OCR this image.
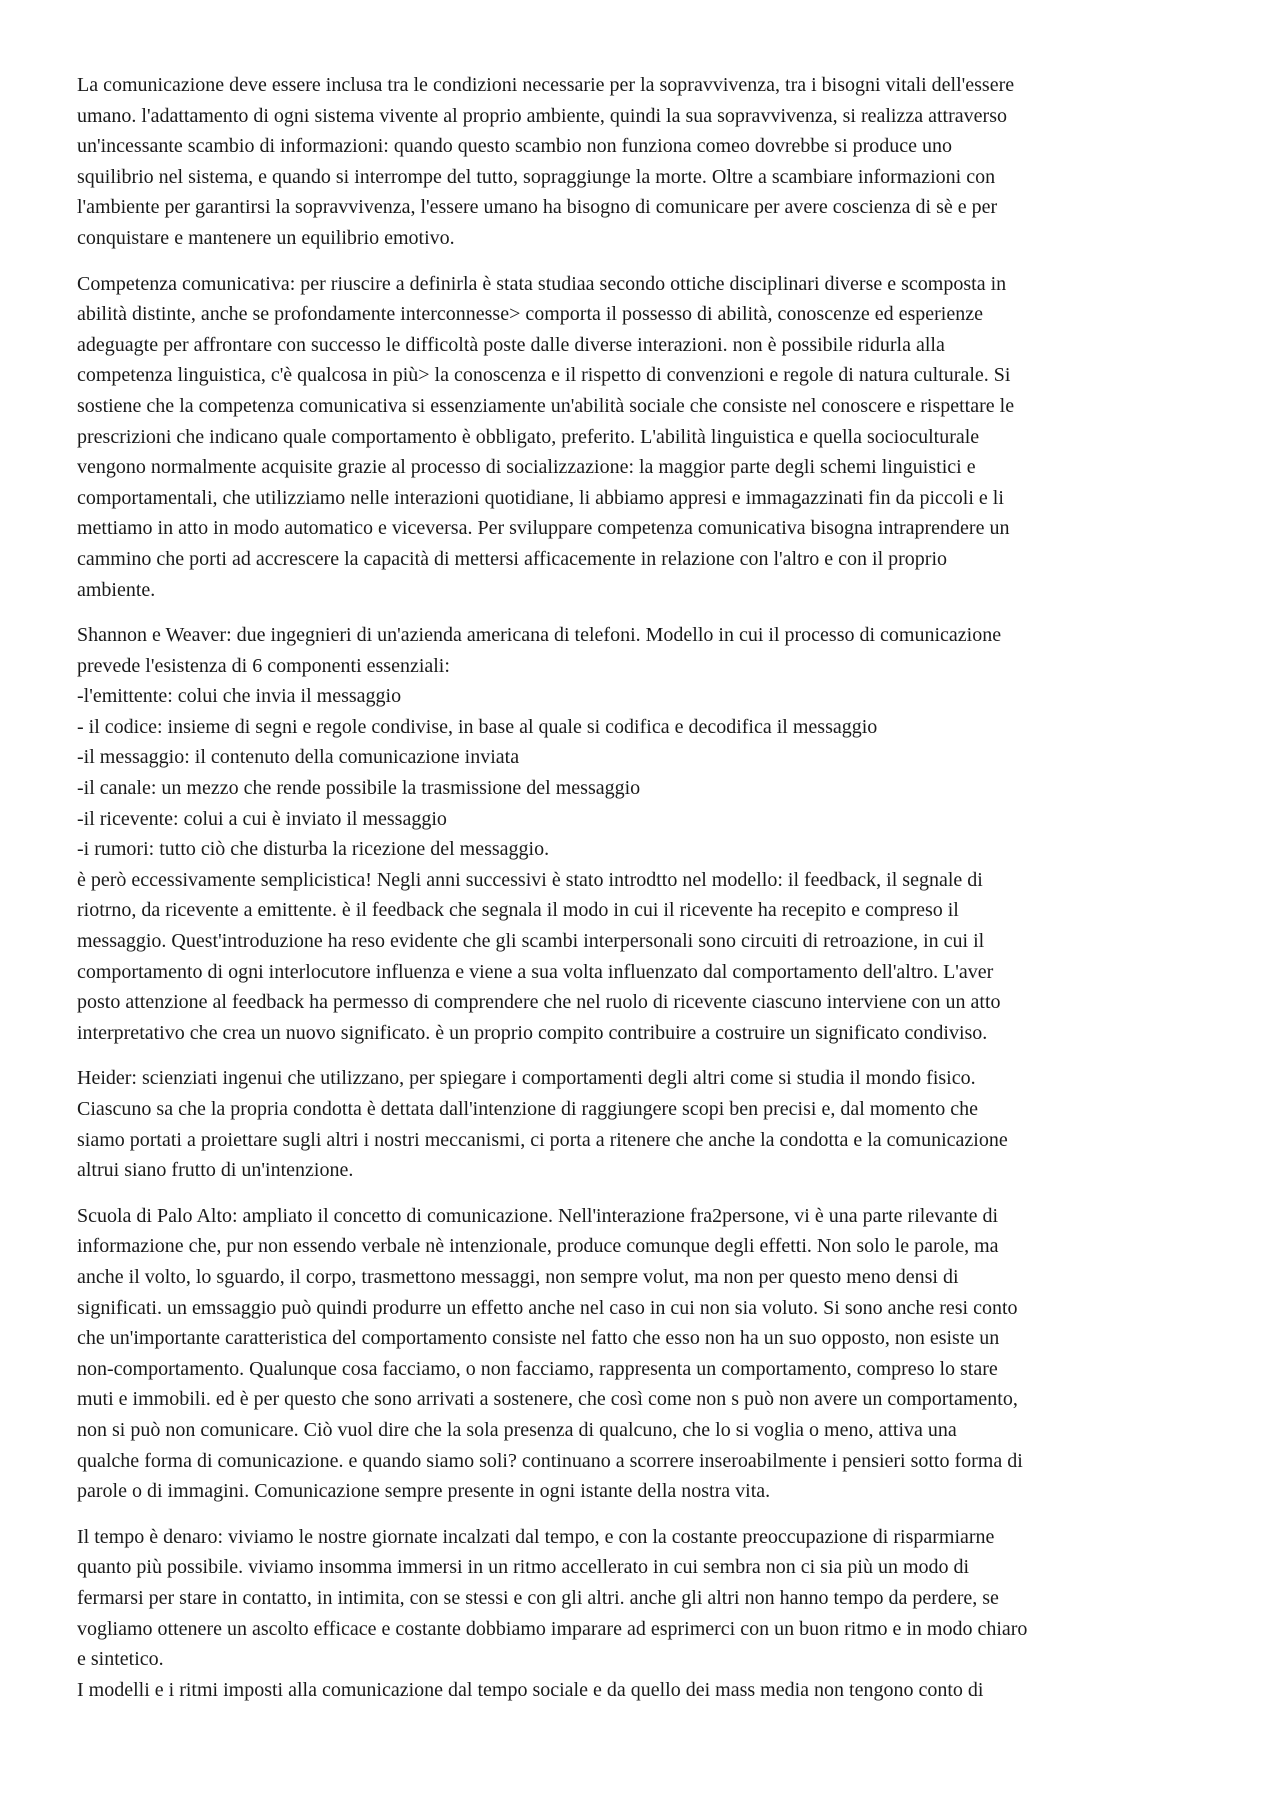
La comunicazione deve essere inclusa tra le condizioni necessarie per la sopravvivenza, tra i bisogni vitali dell'essere
umano. l'adattamento di ogni sistema vivente al proprio ambiente, quindi la sua sopravvivenza, si realizza attraverso
un'incessante scambio di informazioni: quando questo scambio non funziona comeo dovrebbe si produce uno
squilibrio nel sistema, e quando si interrompe del tutto, sopraggiunge la morte. Oltre a scambiare informazioni con
l'ambiente per garantirsi la sopravvivenza, l'essere umano ha bisogno di comunicare per avere coscienza di sè e per
conquistare e mantenere un equilibrio emotivo.

Competenza comunicativa: per riuscire a definirla è stata studiaa secondo ottiche disciplinari diverse e scomposta in
abilità distinte, anche se profondamente interconnesse> comporta il possesso di abilità, conoscenze ed esperienze
adeguagte per affrontare con successo le difficoltà poste dalle diverse interazioni. non è possibile ridurla alla
competenza linguistica, c'è qualcosa in più> la conoscenza e il rispetto di convenzioni e regole di natura culturale. Si
sostiene che la competenza comunicativa si essenziamente un'abilità sociale che consiste nel conoscere e rispettare le
prescrizioni che indicano quale comportamento è obbligato, preferito. L'abilità linguistica e quella socioculturale
vengono normalmente acquisite grazie al processo di socializzazione: la maggior parte degli schemi linguistici e
comportamentali, che utilizziamo nelle interazioni quotidiane, li abbiamo appresi e immagazzinati fin da piccoli e li
mettiamo in atto in modo automatico e viceversa. Per sviluppare competenza comunicativa bisogna intraprendere un
cammino che porti ad accrescere la capacità di mettersi afficacemente in relazione con l'altro e con il proprio
ambiente.

Shannon e Weaver: due ingegnieri di un'azienda americana di telefoni. Modello in cui il processo di comunicazione
prevede l'esistenza di 6 componenti essenziali:
-l'emittente: colui che invia il messaggio
- il codice: insieme di segni e regole condivise, in base al quale si codifica e decodifica il messaggio
-il messaggio: il contenuto della comunicazione inviata
-il canale: un mezzo che rende possibile la trasmissione del messaggio
-il ricevente: colui a cui è inviato il messaggio
-i rumori: tutto ciò che disturba la ricezione del messaggio.
è però eccessivamente semplicistica! Negli anni successivi è stato introdtto nel modello: il feedback, il segnale di
riotrno, da ricevente a emittente. è il feedback che segnala il modo in cui il ricevente ha recepito e compreso il
messaggio. Quest'introduzione ha reso evidente che gli scambi interpersonali sono circuiti di retroazione, in cui il
comportamento di ogni interlocutore influenza e viene a sua volta influenzato dal comportamento dell'altro. L'aver
posto attenzione al feedback ha permesso di comprendere che nel ruolo di ricevente ciascuno interviene con un atto
interpretativo che crea un nuovo significato. è un proprio compito contribuire a costruire un significato condiviso.

Heider: scienziati ingenui che utilizzano, per spiegare i comportamenti degli altri come si studia il mondo fisico.
Ciascuno sa che la propria condotta è dettata dall'intenzione di raggiungere scopi ben precisi e, dal momento che
siamo portati a proiettare sugli altri i nostri meccanismi, ci porta a ritenere che anche la condotta e la comunicazione
altrui siano frutto di un'intenzione.

Scuola di Palo Alto: ampliato il concetto di comunicazione. Nell'interazione fra2persone, vi è una parte rilevante di
informazione che, pur non essendo verbale nè intenzionale, produce comunque degli effetti. Non solo le parole, ma
anche il volto, lo sguardo, il corpo, trasmettono messaggi, non sempre volut, ma non per questo meno densi di
significati. un emssaggio può quindi produrre un effetto anche nel caso in cui non sia voluto. Si sono anche resi conto
che un'importante caratteristica del comportamento consiste nel fatto che esso non ha un suo opposto, non esiste un
non-comportamento. Qualunque cosa facciamo, o non facciamo, rappresenta un comportamento, compreso lo stare
muti e immobili. ed è per questo che sono arrivati a sostenere, che così come non s può non avere un comportamento,
non si può non comunicare. Ciò vuol dire che la sola presenza di qualcuno, che lo si voglia o meno, attiva una
qualche forma di comunicazione. e quando siamo soli? continuano a scorrere inseroabilmente i pensieri sotto forma di
parole o di immagini. Comunicazione sempre presente in ogni istante della nostra vita.

Il tempo è denaro: viviamo le nostre giornate incalzati dal tempo, e con la costante preoccupazione di risparmiarne
quanto più possibile. viviamo insomma immersi in un ritmo accellerato in cui sembra non ci sia più un modo di
fermarsi per stare in contatto, in intimita, con se stessi e con gli altri. anche gli altri non hanno tempo da perdere, se
vogliamo ottenere un ascolto efficace e costante dobbiamo imparare ad esprimerci con un buon ritmo e in modo chiaro
e sintetico.
I modelli e i ritmi imposti alla comunicazione dal tempo sociale e da quello dei mass media non tengono conto di
